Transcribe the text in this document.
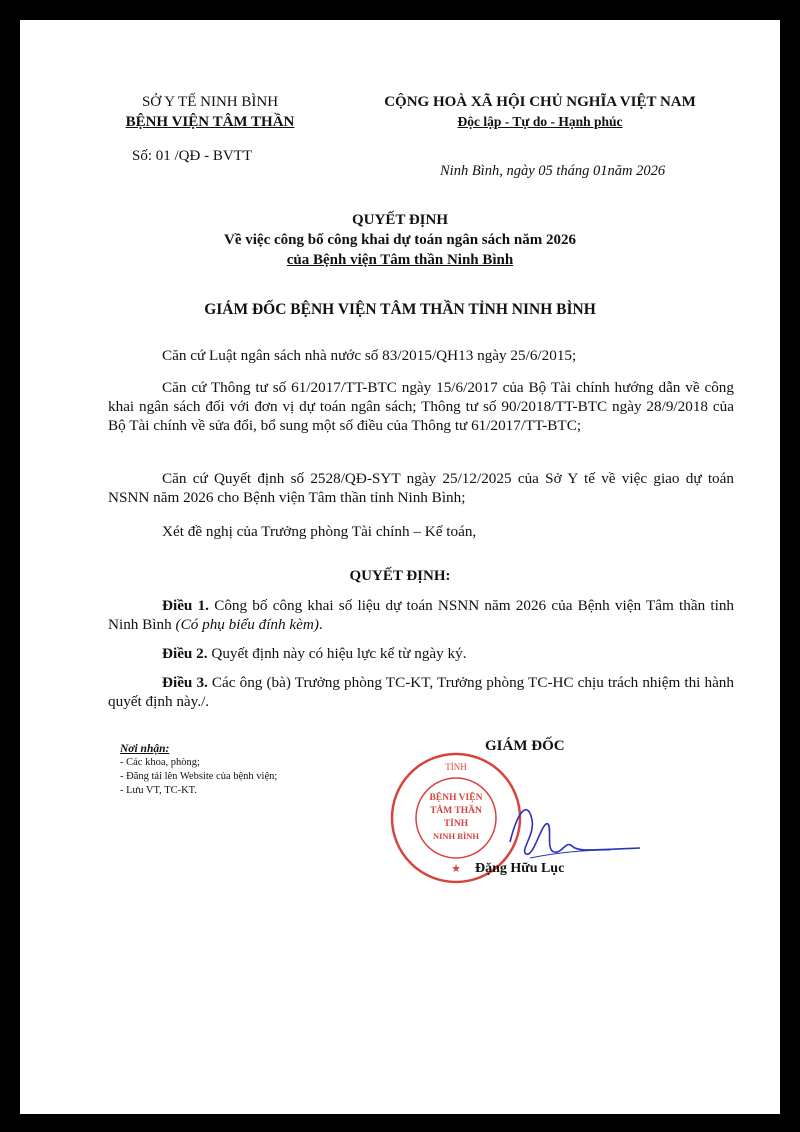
SỞ Y TẾ NINH BÌNH
BỆNH VIỆN TÂM THẦN
Số: 01 /QĐ - BVTT
CỘNG HOÀ XÃ HỘI CHỦ NGHĨA VIỆT NAM
Độc lập - Tự do - Hạnh phúc
Ninh Bình, ngày 05 tháng 01năm 2026
QUYẾT ĐỊNH
Về việc công bố công khai dự toán ngân sách năm 2026
của Bệnh viện Tâm thần Ninh Bình
GIÁM ĐỐC BỆNH VIỆN TÂM THẦN TỈNH NINH BÌNH
Căn cứ Luật ngân sách nhà nước số 83/2015/QH13 ngày 25/6/2015;
Căn cứ Thông tư số 61/2017/TT-BTC ngày 15/6/2017 của Bộ Tài chính hướng dẫn về công khai ngân sách đối với đơn vị dự toán ngân sách; Thông tư số 90/2018/TT-BTC ngày 28/9/2018 của Bộ Tài chính về sửa đổi, bổ sung một số điều của Thông tư 61/2017/TT-BTC;
Căn cứ Quyết định số 2528/QĐ-SYT ngày 25/12/2025 của Sở Y tế về việc giao dự toán NSNN năm 2026 cho Bệnh viện Tâm thần tỉnh Ninh Bình;
Xét đề nghị của Trưởng phòng Tài chính – Kế toán,
QUYẾT ĐỊNH:
Điều 1. Công bố công khai số liệu dự toán NSNN năm 2026 của Bệnh viện Tâm thần tỉnh Ninh Bình (Có phụ biểu đính kèm).
Điều 2. Quyết định này có hiệu lực kể từ ngày ký.
Điều 3. Các ông (bà) Trưởng phòng TC-KT, Trưởng phòng TC-HC chịu trách nhiệm thi hành quyết định này./.
Nơi nhận:
- Các khoa, phòng;
- Đăng tải lên Website của bệnh viện;
- Lưu VT, TC-KT.
GIÁM ĐỐC
TỈNH
BỆNH VIỆN
TÂM THẦN
TỈNH
NINH BÌNH
★ Đặng Hữu Lục
